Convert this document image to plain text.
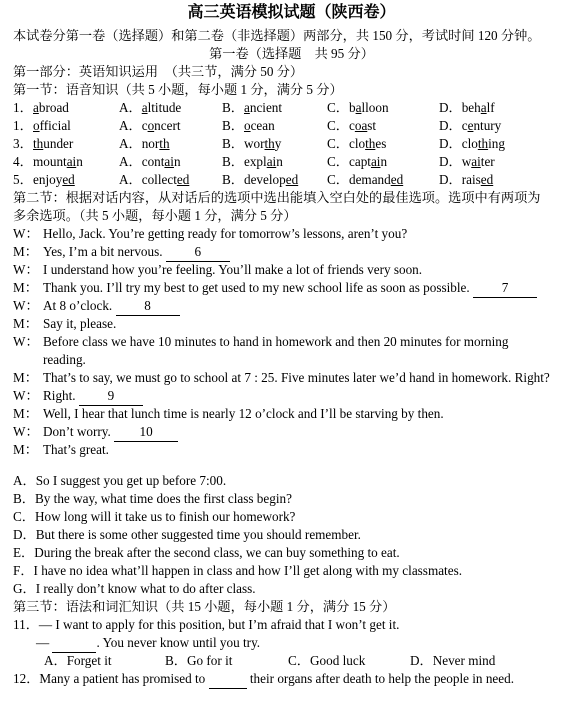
高三英语模拟试题（陕西卷）
本试卷分第一卷（选择题）和第二卷（非选择题）两部分，共 150 分，考试时间 120 分钟。
第一卷（选择题　共 95 分）
第一部分：英语知识运用　（共三节，满分 50 分）
第一节：语音知识（共 5 小题，每小题 1 分，满分 5 分）
1． abroad	A．altitude	B．ancient	C．balloon	D．behalf
1． official	A．concert	B．ocean	C．coast	D．century
3． thunder	A．north	B．worthy	C．clothes	D．clothing
4． mountain	A．contain	B．explain	C．captain	D．waiter
5． enjoyed	A．collected B．developed C．demanded	D．raised
第二节：根据对话内容，从对话后的选项中选出能填入空白处的最佳选项。选项中有两项为
多余选项。（共 5 小题，每小题 1 分，满分 5 分）
W： Hello, Jack. You’re getting ready for tomorrow’s lessons, aren’t you?
M： Yes, I’m a bit nervous. 6
W： I understand how you’re feeling. You’ll make a lot of friends very soon.
M： Thank you. I’ll try my best to get used to my new school life as soon as possible. 7
W： At 8 o’clock. 8
M： Say it, please.
W： Before class we have 10 minutes to hand in homework and then 20 minutes for morning
reading.
M： That’s to say, we must go to school at 7 : 25. Five minutes later we’d hand in homework. Right?
W： Right. 9
M： Well, I hear that lunch time is nearly 12 o’clock and I’ll be starving by then.
W： Don’t worry. 10
M： That’s great.
A．So I suggest you get up before 7:00.
B．By the way, what time does the first class begin?
C．How long will it take us to finish our homework?
D．But there is some other suggested time you should remember.
E．During the break after the second class, we can buy something to eat.
F．I have no idea what’ll happen in class and how I’ll get along with my classmates.
G．I really don’t know what to do after class.
第三节：语法和词汇知识（共 15 小题，每小题 1 分，满分 15 分）
11．— I want to apply for this position, but I’m afraid that I won’t get it.
—	. You never know until you try.
A．Forget it	B．Go for it	C．Good luck	D．Never mind
12．Many a patient has promised to	their organs after death to help the people in need.
